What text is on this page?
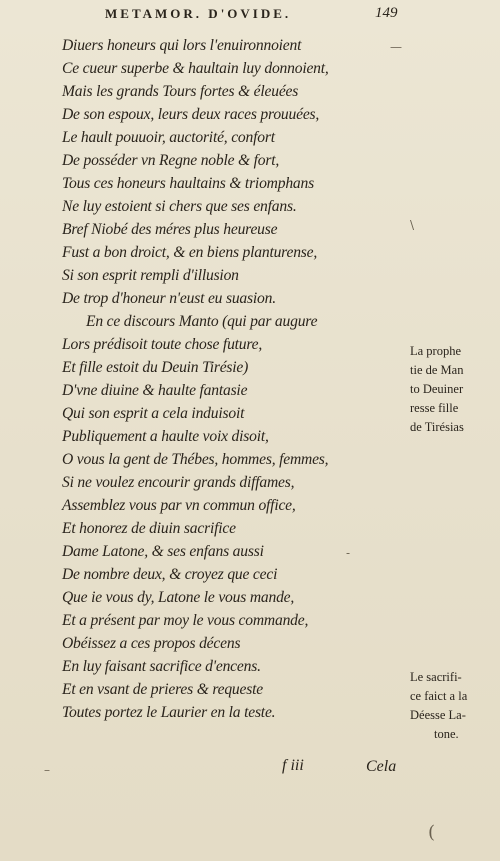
METAMOR. D'OVIDE.	149
Diuers honeurs qui lors l'enuironnoient
Ce cueur superbe & haultain luy donnoient,
Mais les grands Tours fortes & éleuées
De son espoux, leurs deux races prouuées,
Le hault pouuoir, auctorité, confort
De posséder vn Regne noble & fort,
Tous ces honeurs haultains & triomphans
Ne luy estoient si chers que ses enfans.
Bref Niobé des méres plus heureuse
Fust a bon droict, & en biens planturense,
Si son esprit rempli d'illusion
De trop d'honeur n'eust eu suasion.
En ce discours Manto (qui par augure
Lors prédisoit toute chose future,
Et fille estoit du Deuin Tirésie)
D'vne diuine & haulte fantasie
Qui son esprit a cela induisoit
Publiquement a haulte voix disoit,
O vous la gent de Thébes, hommes, femmes,
Si ne voulez encourir grands diffames,
Assemblez vous par vn commun office,
Et honorez de diuin sacrifice
Dame Latone, & ses enfans aussi
De nombre deux, & croyez que ceci
Que ie vous dy, Latone le vous mande,
Et a présent par moy le vous commande,
Obéissez a ces propos décens
En luy faisant sacrifice d'encens.
Et en vsant de prieres & requeste
Toutes portez le Laurier en la teste.
La prophe
tie de Man
to Deuiner
resse fille
de Tirésias
Le sacrifi-
ce faict a la
Déesse La-
tone.
—
\
-
–
(
f iii	Cela
